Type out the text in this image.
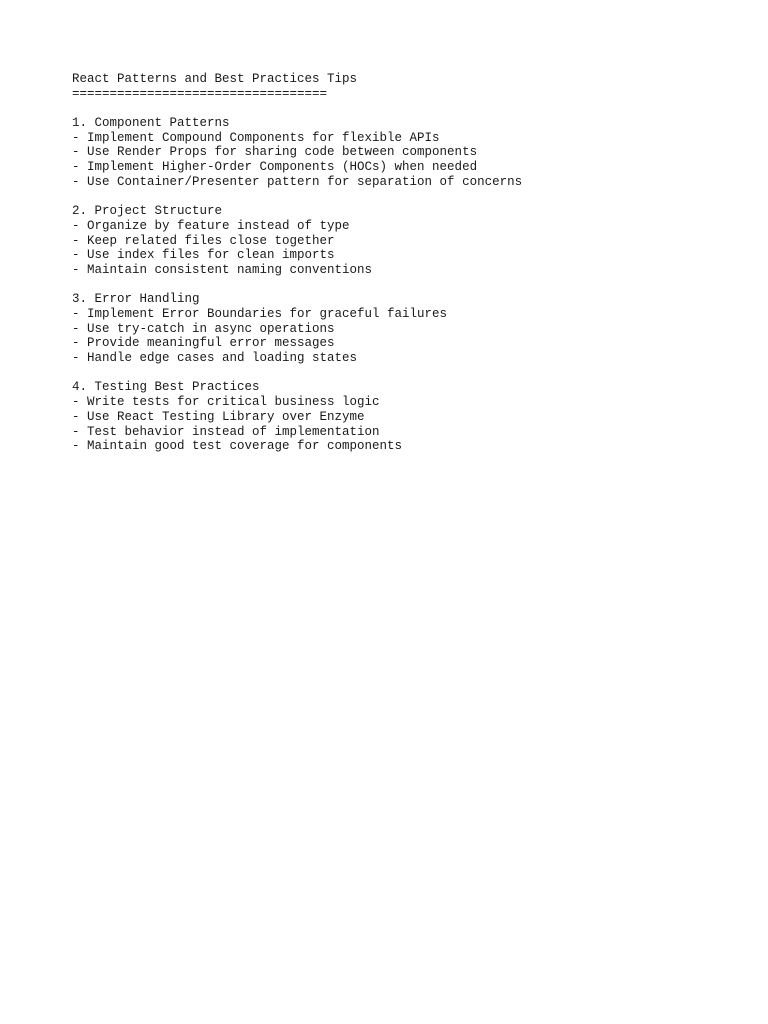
React Patterns and Best Practices Tips
==================================
1. Component Patterns
- Implement Compound Components for flexible APIs
- Use Render Props for sharing code between components
- Implement Higher-Order Components (HOCs) when needed
- Use Container/Presenter pattern for separation of concerns
2. Project Structure
- Organize by feature instead of type
- Keep related files close together
- Use index files for clean imports
- Maintain consistent naming conventions
3. Error Handling
- Implement Error Boundaries for graceful failures
- Use try-catch in async operations
- Provide meaningful error messages
- Handle edge cases and loading states
4. Testing Best Practices
- Write tests for critical business logic
- Use React Testing Library over Enzyme
- Test behavior instead of implementation
- Maintain good test coverage for components
